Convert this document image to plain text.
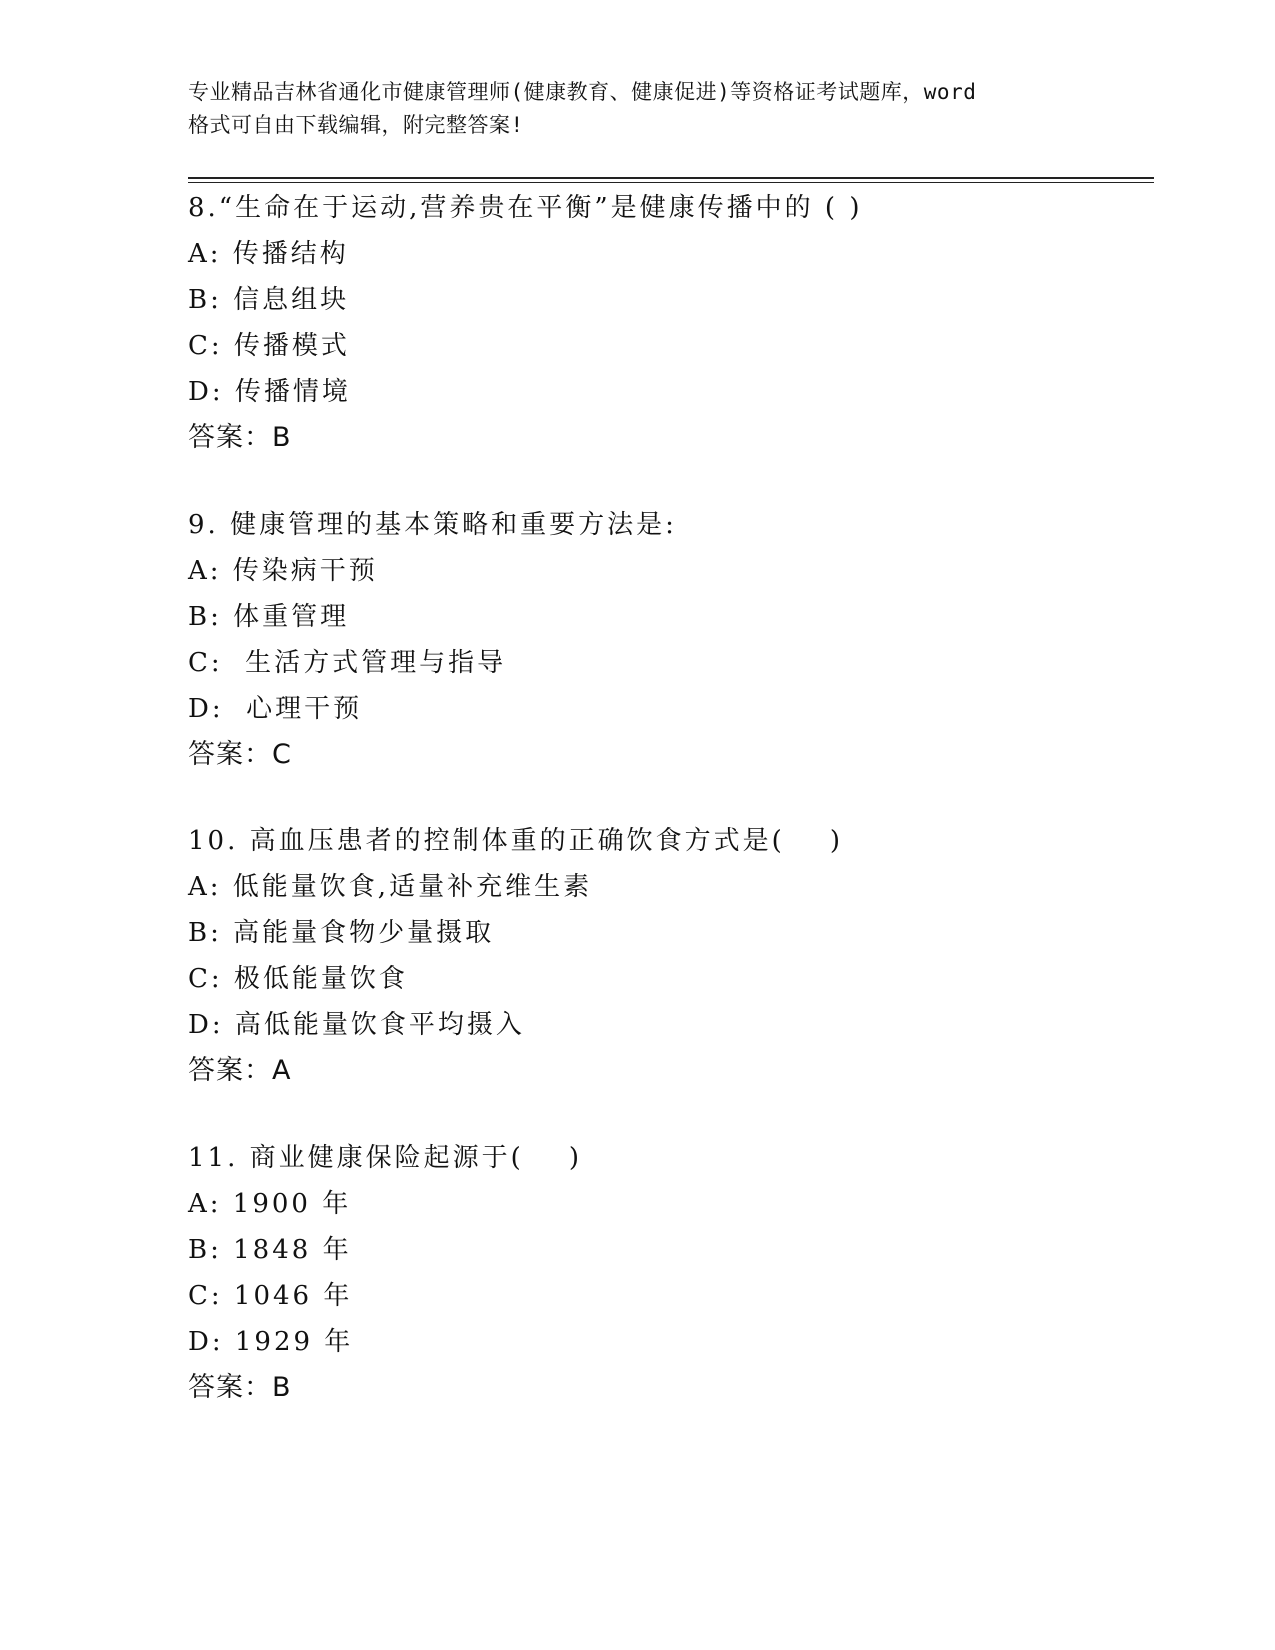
专业精品吉林省通化市健康管理师(健康教育、健康促进)等资格证考试题库，word
格式可自由下载编辑，附完整答案!
8.“生命在于运动,营养贵在平衡”是健康传播中的 ( )
A: 传播结构
B: 信息组块
C: 传播模式
D: 传播情境
答案：B
9. 健康管理的基本策略和重要方法是:
A: 传染病干预
B: 体重管理
C:  生活方式管理与指导
D:  心理干预
答案：C
10. 高血压患者的控制体重的正确饮食方式是(    )
A: 低能量饮食,适量补充维生素
B: 高能量食物少量摄取
C: 极低能量饮食
D: 高低能量饮食平均摄入
答案：A
11. 商业健康保险起源于(    )
A: 1900 年
B: 1848 年
C: 1046 年
D: 1929 年
答案：B
